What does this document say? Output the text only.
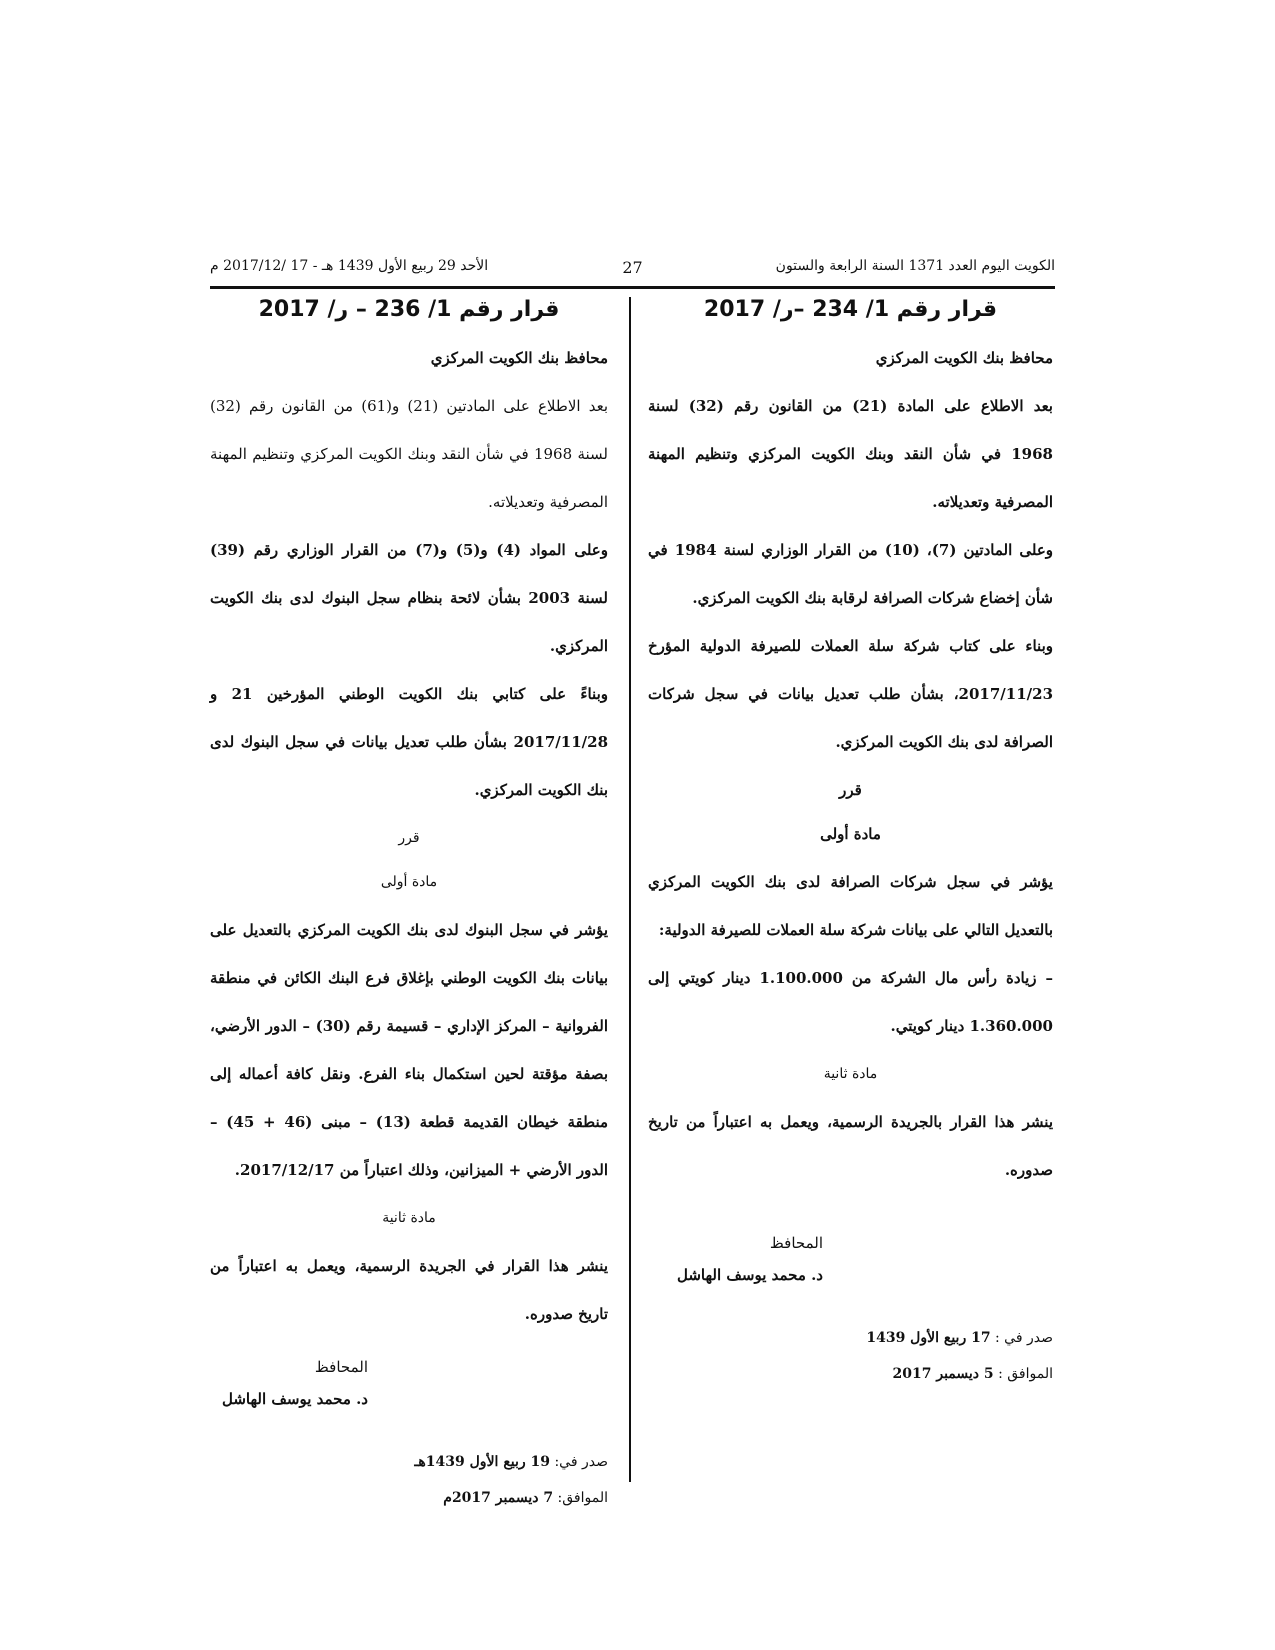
الكويت اليوم العدد 1371 السنة الرابعة والستون
27
الأحد 29 ربيع الأول 1439 هـ - 17 /2017/12 م
قرار رقم 1/ 234 –ر/ 2017

محافظ بنك الكويت المركزي

بعد الاطلاع على المادة (21) من القانون رقم (32) لسنة 1968 في شأن النقد وبنك الكويت المركزي وتنظيم المهنة المصرفية وتعديلاته.

وعلى المادتين (7)، (10) من القرار الوزاري لسنة 1984 في شأن إخضاع شركات الصرافة لرقابة بنك الكويت المركزي.

وبناء على كتاب شركة سلة العملات للصيرفة الدولية المؤرخ 2017/11/23، بشأن طلب تعديل بيانات في سجل شركات الصرافة لدى بنك الكويت المركزي.

قرر

مادة أولى

يؤشر في سجل شركات الصرافة لدى بنك الكويت المركزي بالتعديل التالي على بيانات شركة سلة العملات للصيرفة الدولية:

– زيادة رأس مال الشركة من 1.100.000 دينار كويتي إلى 1.360.000 دينار كويتي.

مادة ثانية

ينشر هذا القرار بالجريدة الرسمية، ويعمل به اعتباراً من تاريخ صدوره.

المحافظ

د. محمد يوسف الهاشل

صدر في : 17 ربيع الأول 1439
الموافق : 5 ديسمبر 2017
قرار رقم 1/ 236 – ر/ 2017

محافظ بنك الكويت المركزي

بعد الاطلاع على المادتين (21) و(61) من القانون رقم (32) لسنة 1968 في شأن النقد وبنك الكويت المركزي وتنظيم المهنة المصرفية وتعديلاته.

وعلى المواد (4) و(5) و(7) من القرار الوزاري رقم (39) لسنة 2003 بشأن لائحة بنظام سجل البنوك لدى بنك الكويت المركزي.

وبناءً على كتابي بنك الكويت الوطني المؤرخين 21 و 2017/11/28 بشأن طلب تعديل بيانات في سجل البنوك لدى بنك الكويت المركزي.

قرر

مادة أولى

يؤشر في سجل البنوك لدى بنك الكويت المركزي بالتعديل على بيانات بنك الكويت الوطني بإغلاق فرع البنك الكائن في منطقة الفروانية – المركز الإداري – قسيمة رقم (30) – الدور الأرضي، بصفة مؤقتة لحين استكمال بناء الفرع. ونقل كافة أعماله إلى منطقة خيطان القديمة قطعة (13) – مبنى (46 + 45) – الدور الأرضي + الميزانين، وذلك اعتباراً من 2017/12/17.

مادة ثانية

ينشر هذا القرار في الجريدة الرسمية، ويعمل به اعتباراً من تاريخ صدوره.

المحافظ

د. محمد يوسف الهاشل

صدر في: 19 ربيع الأول 1439هـ
الموافق: 7 ديسمبر 2017م
